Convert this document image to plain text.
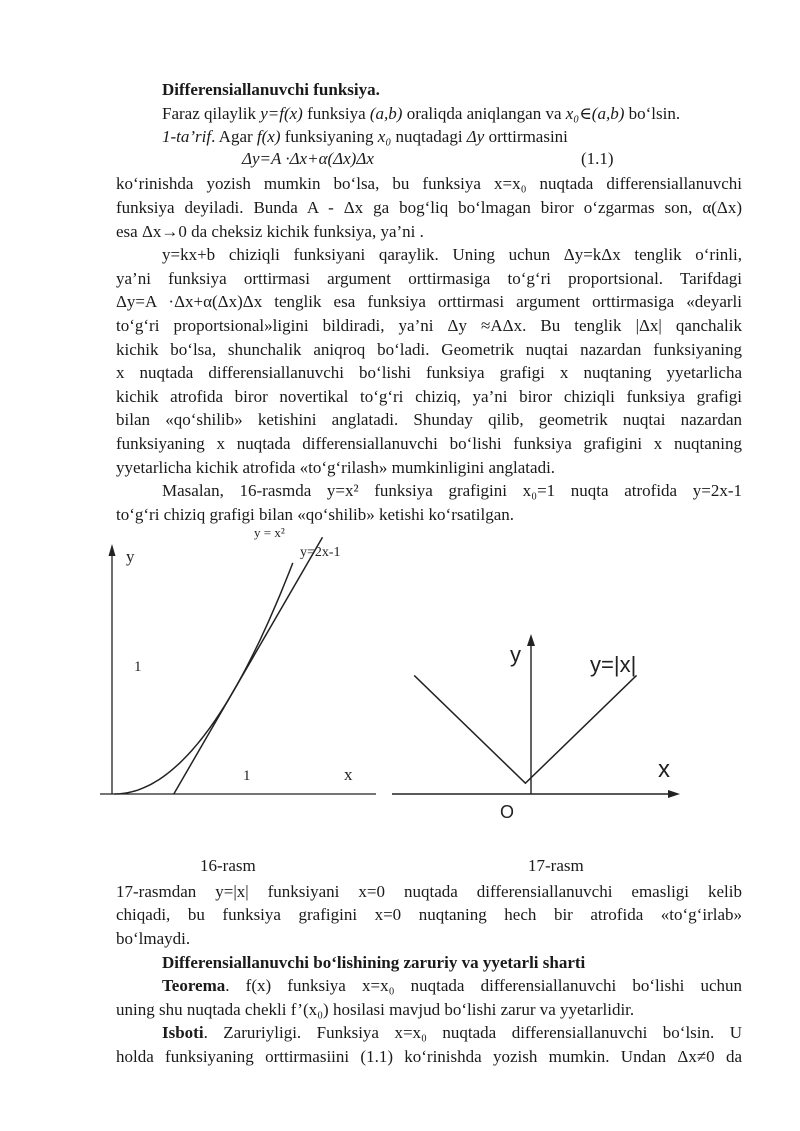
Differensiallanuvchi funksiya.
Faraz qilaylik y=f(x) funksiya (a,b) oraliqda aniqlangan va x₀∈(a,b) bo‘lsin.
1-ta’rif. Agar f(x) funksiyaning x₀ nuqtadagi Δy orttirmasini
Δy=A ·Δx+α(Δx)Δx	(1.1)
ko‘rinishda yozish mumkin bo‘lsa, bu funksiya x=x₀ nuqtada differensiallanuvchi
funksiya deyiladi. Bunda A - Δx ga bog‘liq bo‘lmagan biror o‘zgarmas son, α(Δx)
esa Δx→0 da cheksiz kichik funksiya, ya’ni .
y=kx+b chiziqli funksiyani qaraylik. Uning uchun Δy=kΔx tenglik o‘rinli,
ya’ni funksiya orttirmasi argument orttirmasiga to‘g‘ri proportsional. Tarifdagi
Δy=A ·Δx+α(Δx)Δx tenglik esa funksiya orttirmasi argument orttirmasiga «deyarli
to‘g‘ri proportsional»ligini bildiradi, ya’ni Δy ≈AΔx. Bu tenglik |Δx| qanchalik
kichik bo‘lsa, shunchalik aniqroq bo‘ladi. Geometrik nuqtai nazardan funksiyaning
x nuqtada differensiallanuvchi bo‘lishi funksiya grafigi x nuqtaning yyetarlicha
kichik atrofida biror novertikal to‘g‘ri chiziq, ya’ni biror chiziqli funksiya grafigi
bilan «qo‘shilib» ketishini anglatadi. Shunday qilib, geometrik nuqtai nazardan
funksiyaning x nuqtada differensiallanuvchi bo‘lishi funksiya grafigini x nuqtaning
yyetarlicha kichik atrofida «to‘g‘rilash» mumkinligini anglatadi.
Masalan, 16-rasmda y=x² funksiya grafigini x₀=1 nuqta atrofida y=2x-1
to‘g‘ri chiziq grafigi bilan «qo‘shilib» ketishi ko‘rsatilgan.
y
x
1
1
y = x²
y=2x-1
y
x
O
y=|x|
16-rasm	17-rasm
17-rasmdan y=|x| funksiyani x=0 nuqtada differensiallanuvchi emasligi kelib
chiqadi, bu funksiya grafigini x=0 nuqtaning hech bir atrofida «to‘g‘irlab»
bo‘lmaydi.
Differensiallanuvchi bo‘lishining zaruriy va yyetarli sharti
Teorema. f(x) funksiya x=x₀ nuqtada differensiallanuvchi bo‘lishi uchun
uning shu nuqtada chekli f’(x₀) hosilasi mavjud bo‘lishi zarur va yyetarlidir.
Isboti. Zaruriyligi. Funksiya x=x₀ nuqtada differensiallanuvchi bo‘lsin. U
holda funksiyaning orttirmasiini (1.1) ko‘rinishda yozish mumkin. Undan Δx≠0 da
